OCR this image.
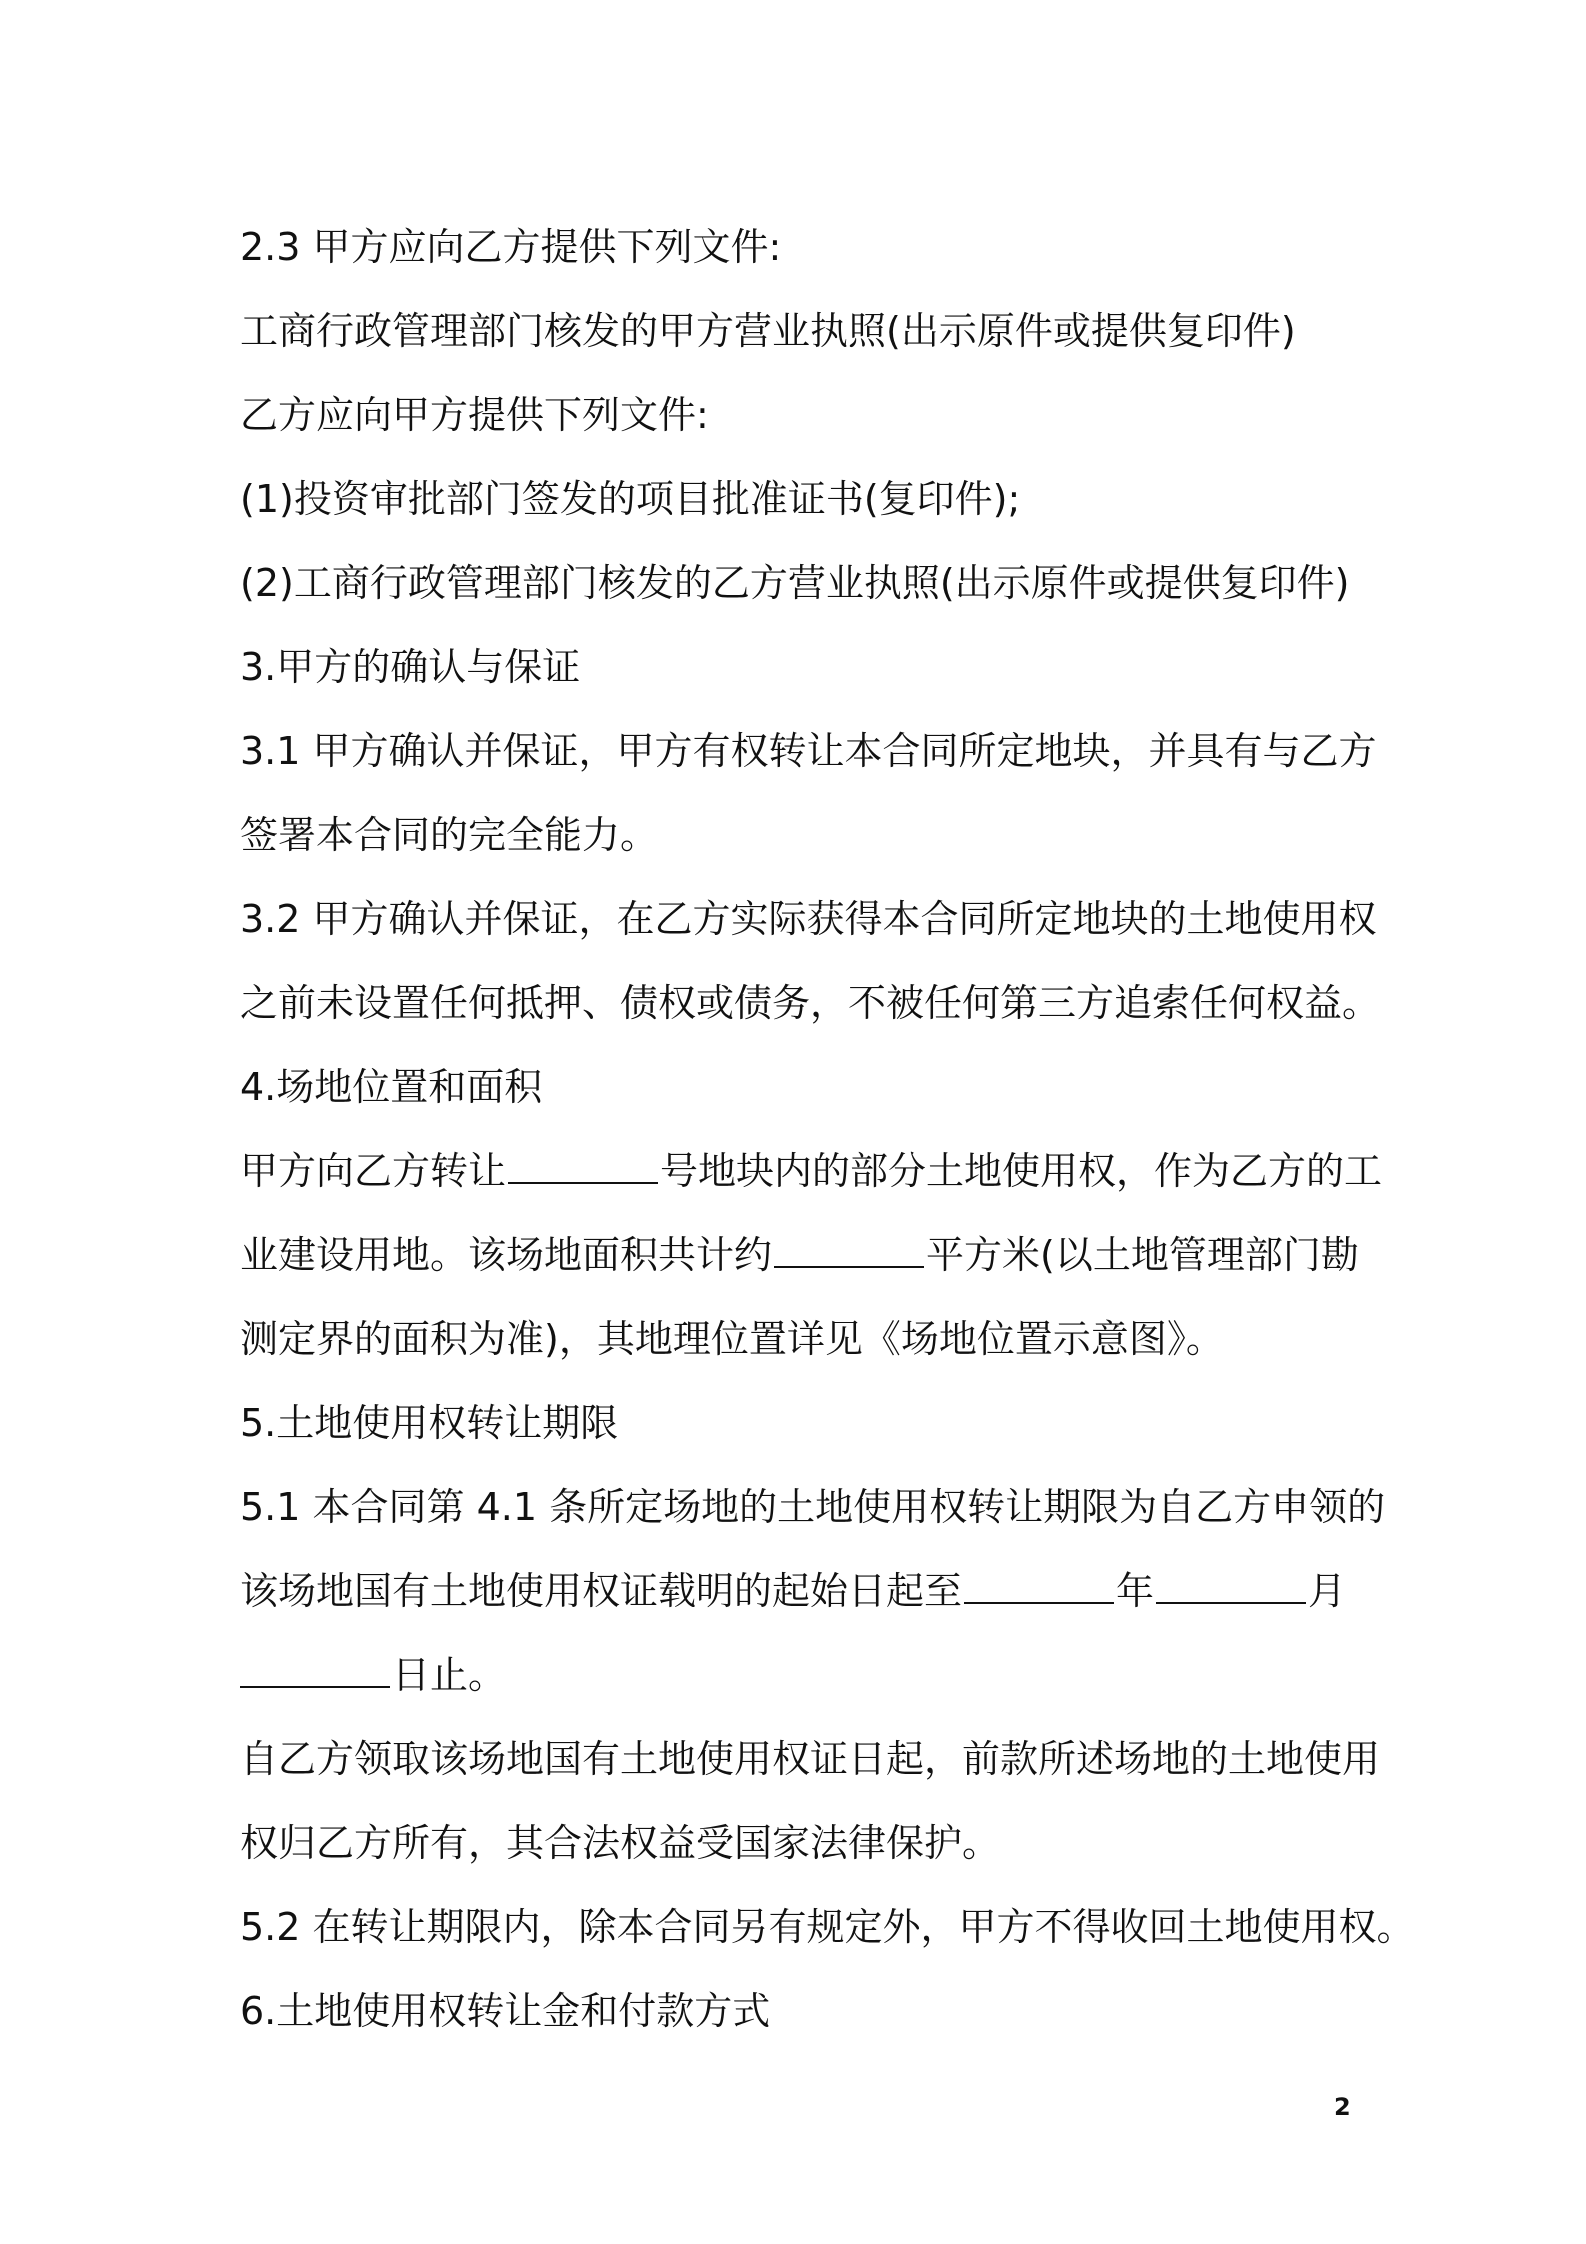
2.3 甲方应向乙方提供下列文件:
工商行政管理部门核发的甲方营业执照(出示原件或提供复印件)
乙方应向甲方提供下列文件:
(1)投资审批部门签发的项目批准证书(复印件);
(2)工商行政管理部门核发的乙方营业执照(出示原件或提供复印件)
3.甲方的确认与保证
3.1 甲方确认并保证，甲方有权转让本合同所定地块，并具有与乙方
签署本合同的完全能力。
3.2 甲方确认并保证，在乙方实际获得本合同所定地块的土地使用权
之前未设置任何抵押、债权或债务，不被任何第三方追索任何权益。
4.场地位置和面积
甲方向乙方转让	号地块内的部分土地使用权，作为乙方的工
业建设用地。该场地面积共计约	平方米(以土地管理部门勘
测定界的面积为准)，其地理位置详见《场地位置示意图》。
5.土地使用权转让期限
5.1 本合同第 4.1 条所定场地的土地使用权转让期限为自乙方申领的
该场地国有土地使用权证载明的起始日起至	年	月
日止。
自乙方领取该场地国有土地使用权证日起，前款所述场地的土地使用
权归乙方所有，其合法权益受国家法律保护。
5.2 在转让期限内，除本合同另有规定外，甲方不得收回土地使用权。
6.土地使用权转让金和付款方式
2
